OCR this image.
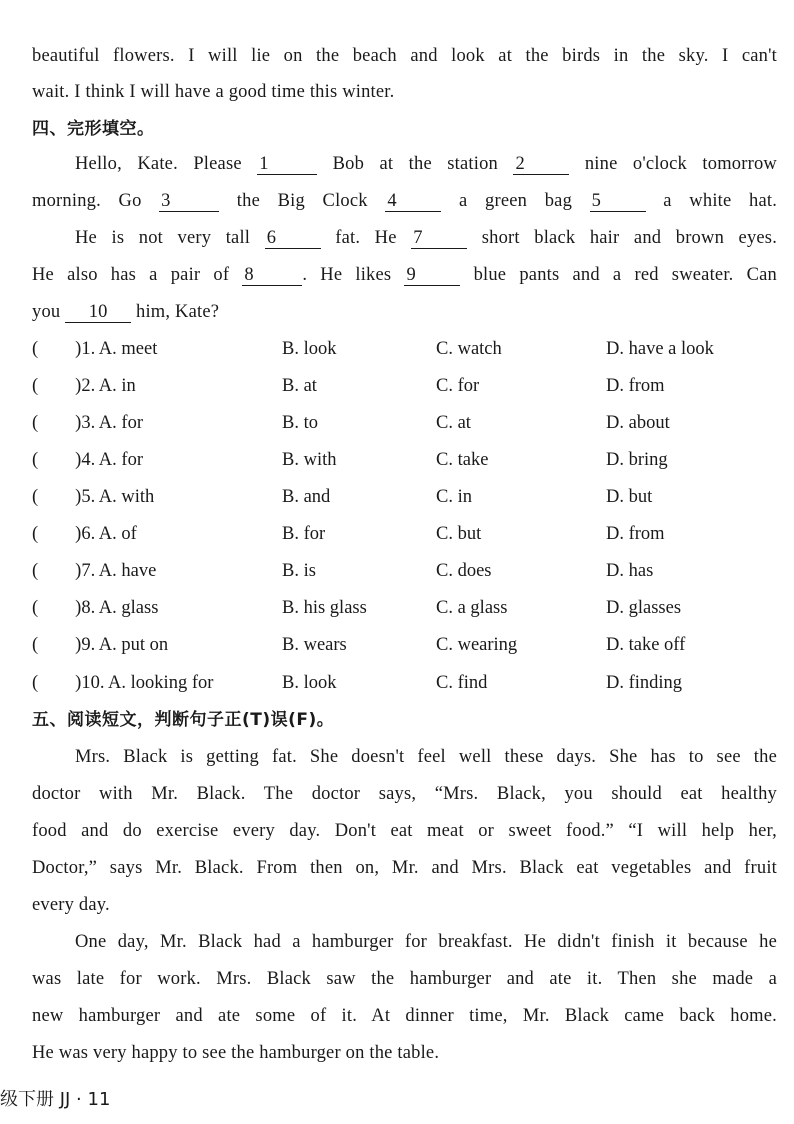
beautiful flowers. I will lie on the beach and look at the birds in the sky. I can't
wait. I think I will have a good time this winter.
四、完形填空。
Hello, Kate. Please 1	Bob at the station 2	nine o'clock tomorrow
morning. Go 3	the Big Clock 4	a green bag 5	a white hat.
He is not very tall 6	fat. He 7	short black hair and brown eyes.
He also has a pair of 8	. He likes 9	blue pants and a red sweater. Can
you 10 him, Kate?
(　　)1. A. meet	B. look	C. watch	D. have a look
(　　)2. A. in	B. at	C. for	D. from
(　　)3. A. for	B. to	C. at	D. about
(　　)4. A. for	B. with	C. take	D. bring
(　　)5. A. with	B. and	C. in	D. but
(　　)6. A. of	B. for	C. but	D. from
(　　)7. A. have	B. is	C. does	D. has
(　　)8. A. glass	B. his glass	C. a glass	D. glasses
(　　)9. A. put on	B. wears	C. wearing	D. take off
(　　)10. A. looking for	B. look	C. find	D. finding
五、阅读短文，判断句子正(T)误(F)。
Mrs. Black is getting fat. She doesn't feel well these days. She has to see the
doctor with Mr. Black. The doctor says, “Mrs. Black, you should eat healthy
food and do exercise every day. Don't eat meat or sweet food.” “I will help her,
Doctor,” says Mr. Black. From then on, Mr. and Mrs. Black eat vegetables and fruit
every day.
One day, Mr. Black had a hamburger for breakfast. He didn't finish it because he
was late for work. Mrs. Black saw the hamburger and ate it. Then she made a
new hamburger and ate some of it. At dinner time, Mr. Black came back home.
He was very happy to see the hamburger on the table.
级下册 JJ · 11
